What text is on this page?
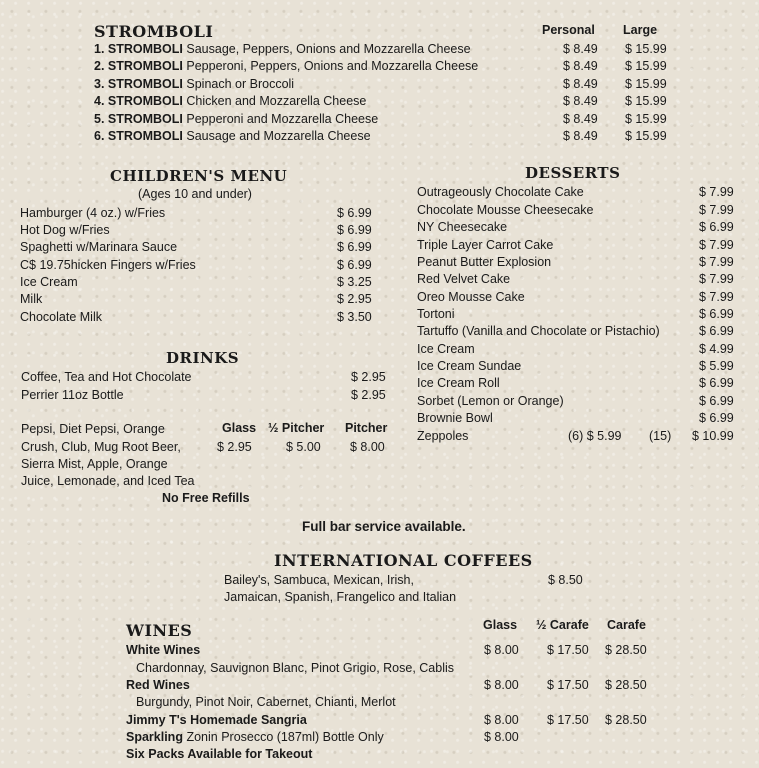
STROMBOLI	Personal Large
1. STROMBOLI Sausage, Peppers, Onions and Mozzarella Cheese	$ 8.49 $ 15.99
2. STROMBOLI Pepperoni, Peppers, Onions and Mozzarella Cheese	$ 8.49 $ 15.99
3. STROMBOLI Spinach or Broccoli	$ 8.49 $ 15.99
4. STROMBOLI Chicken and Mozzarella Cheese	$ 8.49 $ 15.99
5. STROMBOLI Pepperoni and Mozzarella Cheese	$ 8.49 $ 15.99
6. STROMBOLI Sausage and Mozzarella Cheese	$ 8.49 $ 15.99
CHILDREN'S MENU
(Ages 10 and under)
Hamburger (4 oz.) w/Fries	$ 6.99
Hot Dog w/Fries	$ 6.99
Spaghetti w/Marinara Sauce	$ 6.99
C$ 19.75hicken Fingers w/Fries	$ 6.99
Ice Cream	$ 3.25
Milk	$ 2.95
Chocolate Milk	$ 3.50
DRINKS
Coffee, Tea and Hot Chocolate	$ 2.95
Perrier 11oz Bottle	$ 2.95
Glass ½ Pitcher Pitcher
Pepsi, Diet Pepsi, Orange
Crush, Club, Mug Root Beer,
Sierra Mist, Apple, Orange
Juice, Lemonade, and Iced Tea
$ 2.95	$ 5.00 $ 8.00
No Free Refills
DESSERTS
Outrageously Chocolate Cake	$ 7.99
Chocolate Mousse Cheesecake	$ 7.99
NY Cheesecake	$ 6.99
Triple Layer Carrot Cake	$ 7.99
Peanut Butter Explosion	$ 7.99
Red Velvet Cake	$ 7.99
Oreo Mousse Cake	$ 7.99
Tortoni	$ 6.99
Tartuffo (Vanilla and Chocolate or Pistachio)	$ 6.99
Ice Cream	$ 4.99
Ice Cream Sundae	$ 5.99
Ice Cream Roll	$ 6.99
Sorbet (Lemon or Orange)	$ 6.99
Brownie Bowl	$ 6.99
Zeppoles	(6) $ 5.99 (15) $ 10.99
Full bar service available.
INTERNATIONAL COFFEES
Bailey's, Sambuca, Mexican, Irish,
Jamaican, Spanish, Frangelico and Italian
$ 8.50
WINES	Glass ½ Carafe Carafe
White Wines
Chardonnay, Sauvignon Blanc, Pinot Grigio, Rose, Cablis
$ 8.00 $ 17.50 $ 28.50
Red Wines
Burgundy, Pinot Noir, Cabernet, Chianti, Merlot
$ 8.00 $ 17.50 $ 28.50
Jimmy T's Homemade Sangria	$ 8.00 $ 17.50 $ 28.50
Sparkling Zonin Prosecco (187ml) Bottle Only	$ 8.00
Six Packs Available for Takeout
